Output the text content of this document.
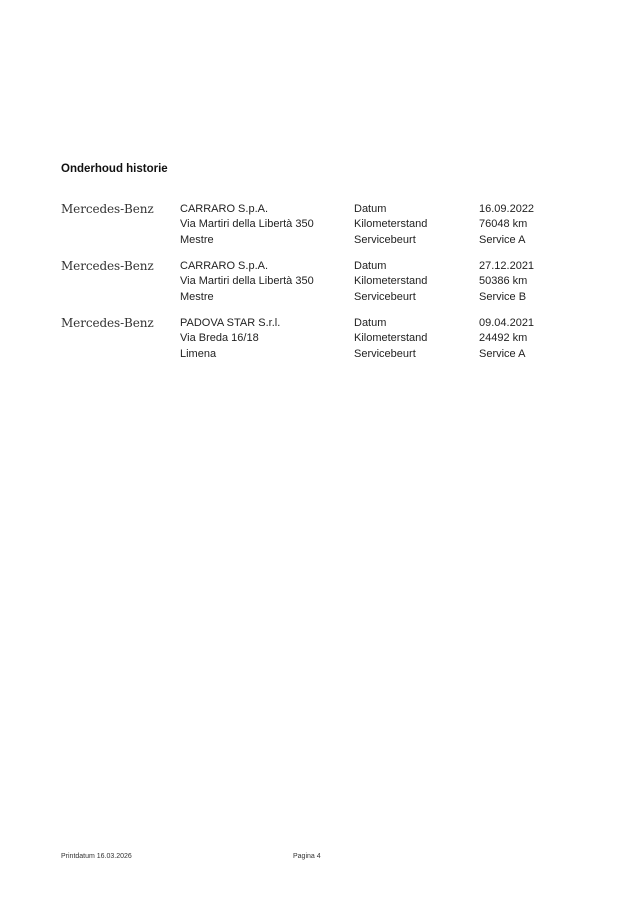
Onderhoud historie
Mercedes-Benz CARRARO S.p.A.
Via Martiri della Libertà 350
Mestre
Datum
Kilometerstand
Servicebeurt
16.09.2022
76048 km
Service A
Mercedes-Benz CARRARO S.p.A.
Via Martiri della Libertà 350
Mestre
Datum
Kilometerstand
Servicebeurt
27.12.2021
50386 km
Service B
Mercedes-Benz PADOVA STAR S.r.l.
Via Breda 16/18
Limena
Datum
Kilometerstand
Servicebeurt
09.04.2021
24492 km
Service A
Printdatum 16.03.2026	Pagina 4
